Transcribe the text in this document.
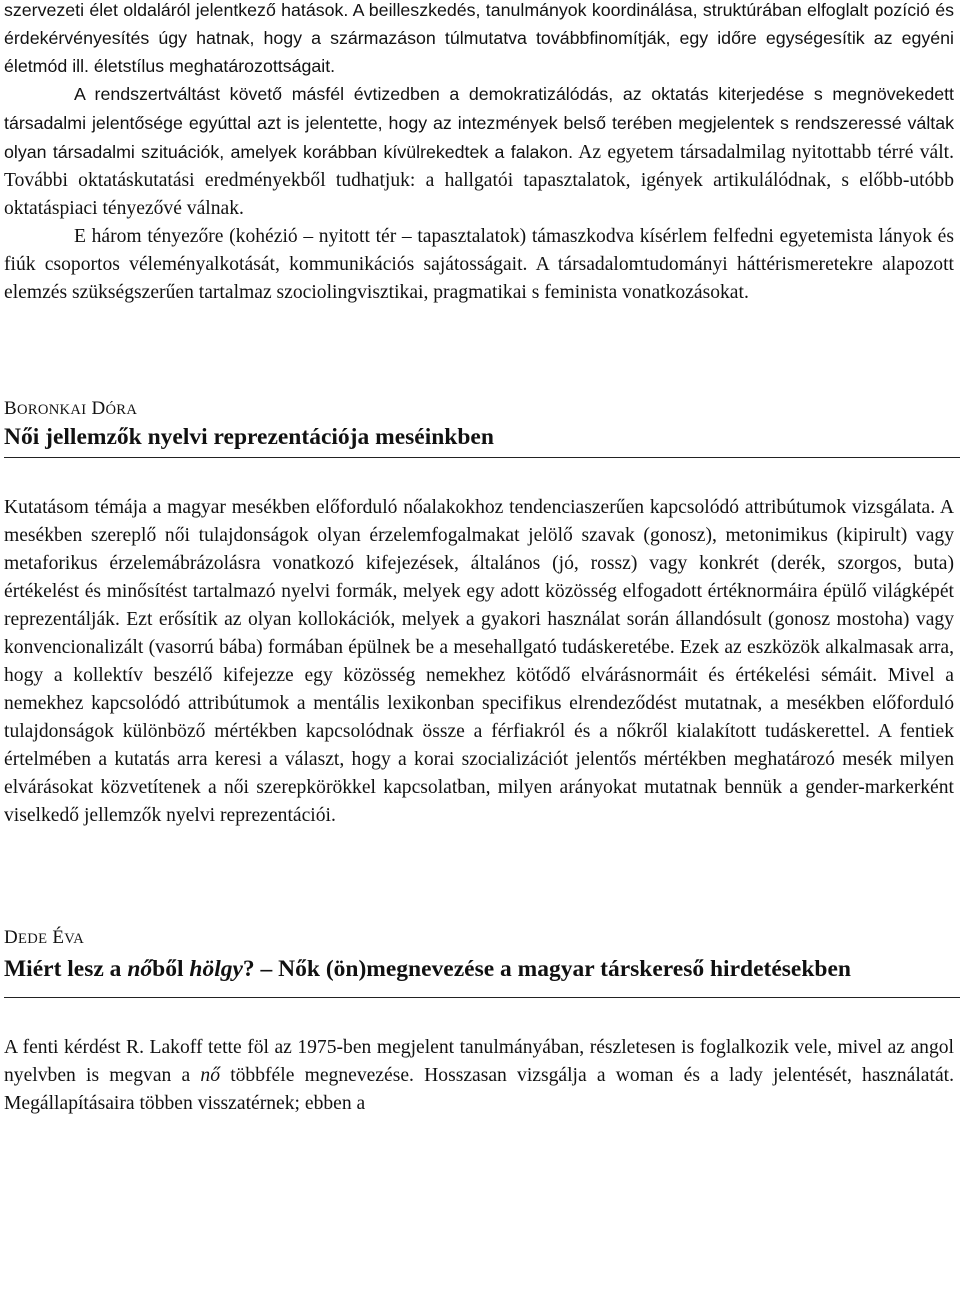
szervezeti élet oldaláról jelentkező hatások. A beilleszkedés, tanulmányok koordinálása, struktúrában elfoglalt pozíció és érdekérvényesítés úgy hatnak, hogy a származáson túlmutatva továbbfinomítják, egy időre egységesítik az egyéni életmód ill. életstílus meghatározottságait.

A rendszertváltást követő másfél évtizedben a demokratizálódás, az oktatás kiterjedése s megnövekedett társadalmi jelentősége egyúttal azt is jelentette, hogy az intezmények belső terében megjelentek s rendszeressé váltak olyan társadalmi szituációk, amelyek korábban kívülrekedtek a falakon. Az egyetem társadalmilag nyitottabb térré vált. További oktatáskutatási eredményekből tudhatjuk: a hallgatói tapasztalatok, igények artikulálódnak, s előbb-utóbb oktatáspiaci tényezővé válnak.

E három tényezőre (kohézió – nyitott tér – tapasztalatok) támaszkodva kísérlem felfedni egyetemista lányok és fiúk csoportos véleményalkotását, kommunikációs sajátosságait. A társadalomtudományi háttérismeretekre alapozott elemzés szükségszerűen tartalmaz szociolingvisztikai, pragmatikai s feminista vonatkozásokat.

BORONKAI DÓRA
Női jellemzők nyelvi reprezentációja meséinkben

Kutatásom témája a magyar mesékben előforduló nőalakokhoz tendenciaszerűen kapcsolódó attribútumok vizsgálata. A mesékben szereplő női tulajdonságok olyan érzelemfogalmakat jelölő szavak (gonosz), metonimikus (kipirult) vagy metaforikus érzelemábrázolásra vonatkozó kifejezések, általános (jó, rossz) vagy konkrét (derék, szorgos, buta) értékelést és minősítést tartalmazó nyelvi formák, melyek egy adott közösség elfogadott értéknormáira épülő világképét reprezentálják. Ezt erősítik az olyan kollokációk, melyek a gyakori használat során állandósult (gonosz mostoha) vagy konvencionalizált (vasorrú bába) formában épülnek be a mesehallgató tudáskeretébe. Ezek az eszközök alkalmasak arra, hogy a kollektív beszélő kifejezze egy közösség nemekhez kötődő elvárásnormáit és értékelési sémáit. Mivel a nemekhez kapcsolódó attribútumok a mentális lexikonban specifikus elrendeződést mutatnak, a mesékben előforduló tulajdonságok különböző mértékben kapcsolódnak össze a férfiakról és a nőkről kialakított tudáskerettel. A fentiek értelmében a kutatás arra keresi a választ, hogy a korai szocializációt jelentős mértékben meghatározó mesék milyen elvárásokat közvetítenek a női szerepkörökkel kapcsolatban, milyen arányokat mutatnak bennük a gender-markerként viselkedő jellemzők nyelvi reprezentációi.

DEDE ÉVA
Miért lesz a nőből hölgy? – Nők (ön)megnevezése a magyar társkereső hirdetésekben

A fenti kérdést R. Lakoff tette föl az 1975-ben megjelent tanulmányában, részletesen is foglalkozik vele, mivel az angol nyelvben is megvan a nő többféle megnevezése. Hosszasan vizsgálja a woman és a lady jelentését, használatát. Megállapításaira többen visszatérnek; ebben a
